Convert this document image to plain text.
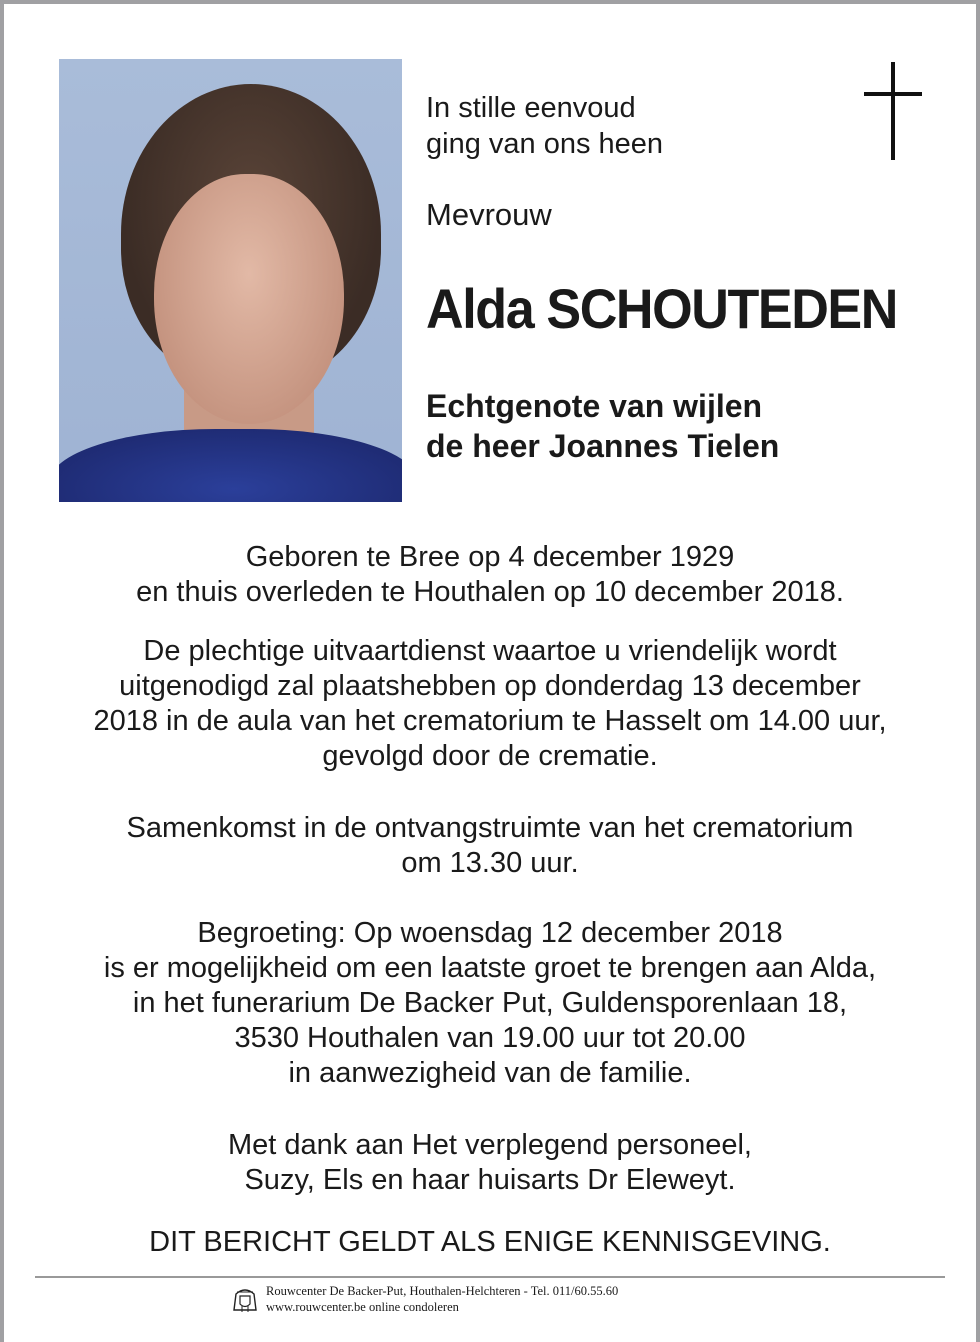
In stille eenvoud
ging van ons heen
Mevrouw
Alda SCHOUTEDEN
Echtgenote van wijlen
de heer Joannes Tielen
Geboren te Bree op 4 december 1929
en thuis overleden te Houthalen op 10 december 2018.
De plechtige uitvaartdienst waartoe u vriendelijk wordt
uitgenodigd zal plaatshebben op donderdag 13 december
2018 in de aula van het crematorium te Hasselt om 14.00 uur,
gevolgd door de crematie.
Samenkomst in de ontvangstruimte van het crematorium
om 13.30 uur.
Begroeting: Op woensdag 12 december 2018
is er mogelijkheid om een laatste groet te brengen aan Alda,
in het funerarium De Backer Put, Guldensporenlaan 18,
3530 Houthalen van 19.00 uur tot 20.00
in aanwezigheid van de familie.
Met dank aan Het verplegend personeel,
Suzy, Els en haar huisarts Dr Eleweyt.
DIT BERICHT GELDT ALS ENIGE KENNISGEVING.
Rouwcenter De Backer-Put, Houthalen-Helchteren - Tel. 011/60.55.60
www.rouwcenter.be online condoleren
